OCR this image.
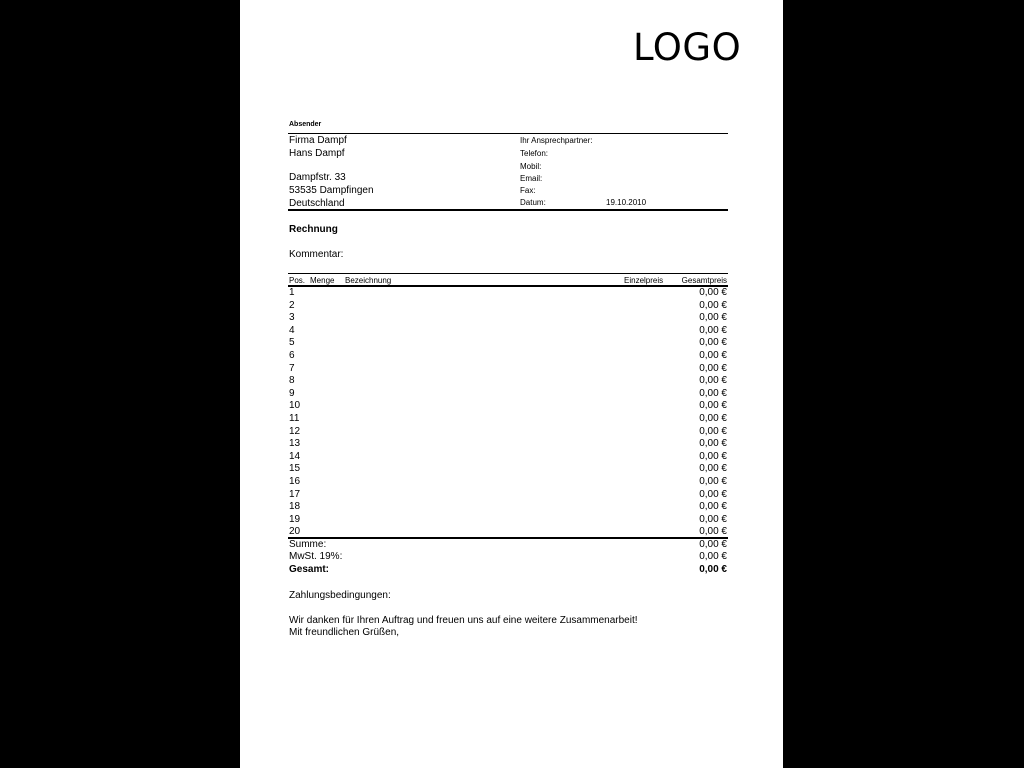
LOGO
Absender
Firma Dampf
Hans Dampf
Dampfstr. 33
53535 Dampfingen
Deutschland
Ihr Ansprechpartner:
Telefon:
Mobil:
Email:
Fax:
Datum:	19.10.2010
Rechnung
Kommentar:
Pos. Menge Bezeichnung	Einzelpreis Gesamtpreis
1	0,00 €
2	0,00 €
3	0,00 €
4	0,00 €
5	0,00 €
6	0,00 €
7	0,00 €
8	0,00 €
9	0,00 €
10	0,00 €
11	0,00 €
12	0,00 €
13	0,00 €
14	0,00 €
15	0,00 €
16	0,00 €
17	0,00 €
18	0,00 €
19	0,00 €
20	0,00 €
Summe:	0,00 €
MwSt. 19%:	0,00 €
Gesamt:	0,00 €
Zahlungsbedingungen:
Wir danken für Ihren Auftrag und freuen uns auf eine weitere Zusammenarbeit!
Mit freundlichen Grüßen,
